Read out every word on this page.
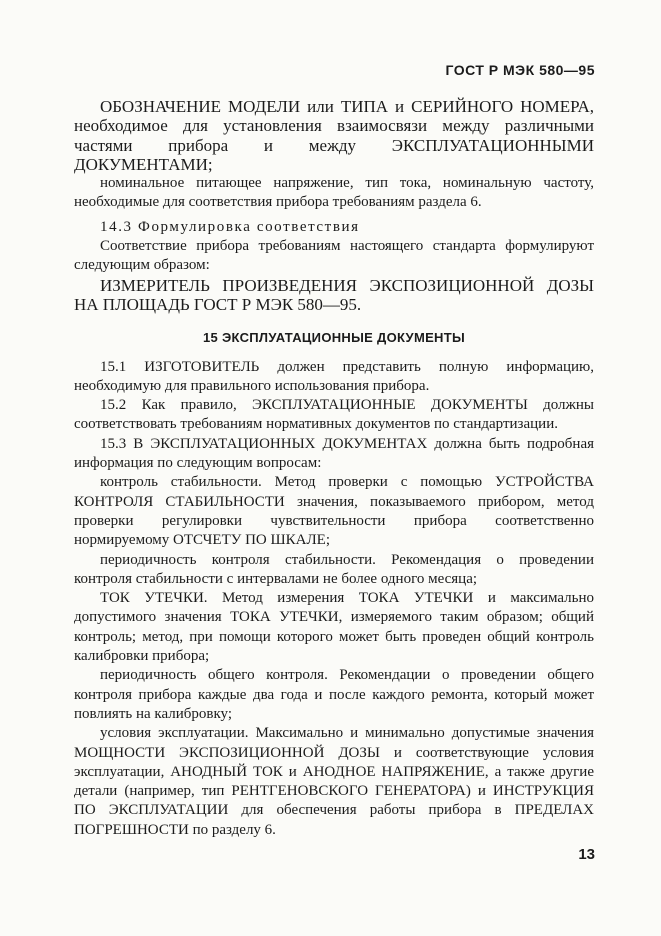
ГОСТ Р МЭК 580—95

ОБОЗНАЧЕНИЕ МОДЕЛИ или ТИПА и СЕРИЙНОГО НОМЕРА, необходимое для установления взаимосвязи между различными частями прибора и между ЭКСПЛУАТАЦИОННЫМИ ДОКУМЕНТАМИ;

номинальное питающее напряжение, тип тока, номинальную частоту, необходимые для соответствия прибора требованиям раздела 6.

14.3 Формулировка соответствия

Соответствие прибора требованиям настоящего стандарта формулируют следующим образом:

ИЗМЕРИТЕЛЬ ПРОИЗВЕДЕНИЯ ЭКСПОЗИЦИОННОЙ ДОЗЫ НА ПЛОЩАДЬ ГОСТ Р МЭК 580—95.

15 ЭКСПЛУАТАЦИОННЫЕ ДОКУМЕНТЫ

15.1 ИЗГОТОВИТЕЛЬ должен представить полную информацию, необходимую для правильного использования прибора.

15.2 Как правило, ЭКСПЛУАТАЦИОННЫЕ ДОКУМЕНТЫ должны соответствовать требованиям нормативных документов по стандартизации.

15.3 В ЭКСПЛУАТАЦИОННЫХ ДОКУМЕНТАХ должна быть подробная информация по следующим вопросам:

контроль стабильности. Метод проверки с помощью УСТРОЙСТВА КОНТРОЛЯ СТАБИЛЬНОСТИ значения, показываемого прибором, метод проверки регулировки чувствительности прибора соответственно нормируемому ОТСЧЕТУ ПО ШКАЛЕ;

периодичность контроля стабильности. Рекомендация о проведении контроля стабильности с интервалами не более одного месяца;

ТОК УТЕЧКИ. Метод измерения ТОКА УТЕЧКИ и максимально допустимого значения ТОКА УТЕЧКИ, измеряемого таким образом; общий контроль; метод, при помощи которого может быть проведен общий контроль калибровки прибора;

периодичность общего контроля. Рекомендации о проведении общего контроля прибора каждые два года и после каждого ремонта, который может повлиять на калибровку;

условия эксплуатации. Максимально и минимально допустимые значения МОЩНОСТИ ЭКСПОЗИЦИОННОЙ ДОЗЫ и соответствующие условия эксплуатации, АНОДНЫЙ ТОК и АНОДНОЕ НАПРЯЖЕНИЕ, а также другие детали (например, тип РЕНТГЕНОВСКОГО ГЕНЕРАТОРА) и ИНСТРУКЦИЯ ПО ЭКСПЛУАТАЦИИ для обеспечения работы прибора в ПРЕДЕЛАХ ПОГРЕШНОСТИ по разделу 6.

13
